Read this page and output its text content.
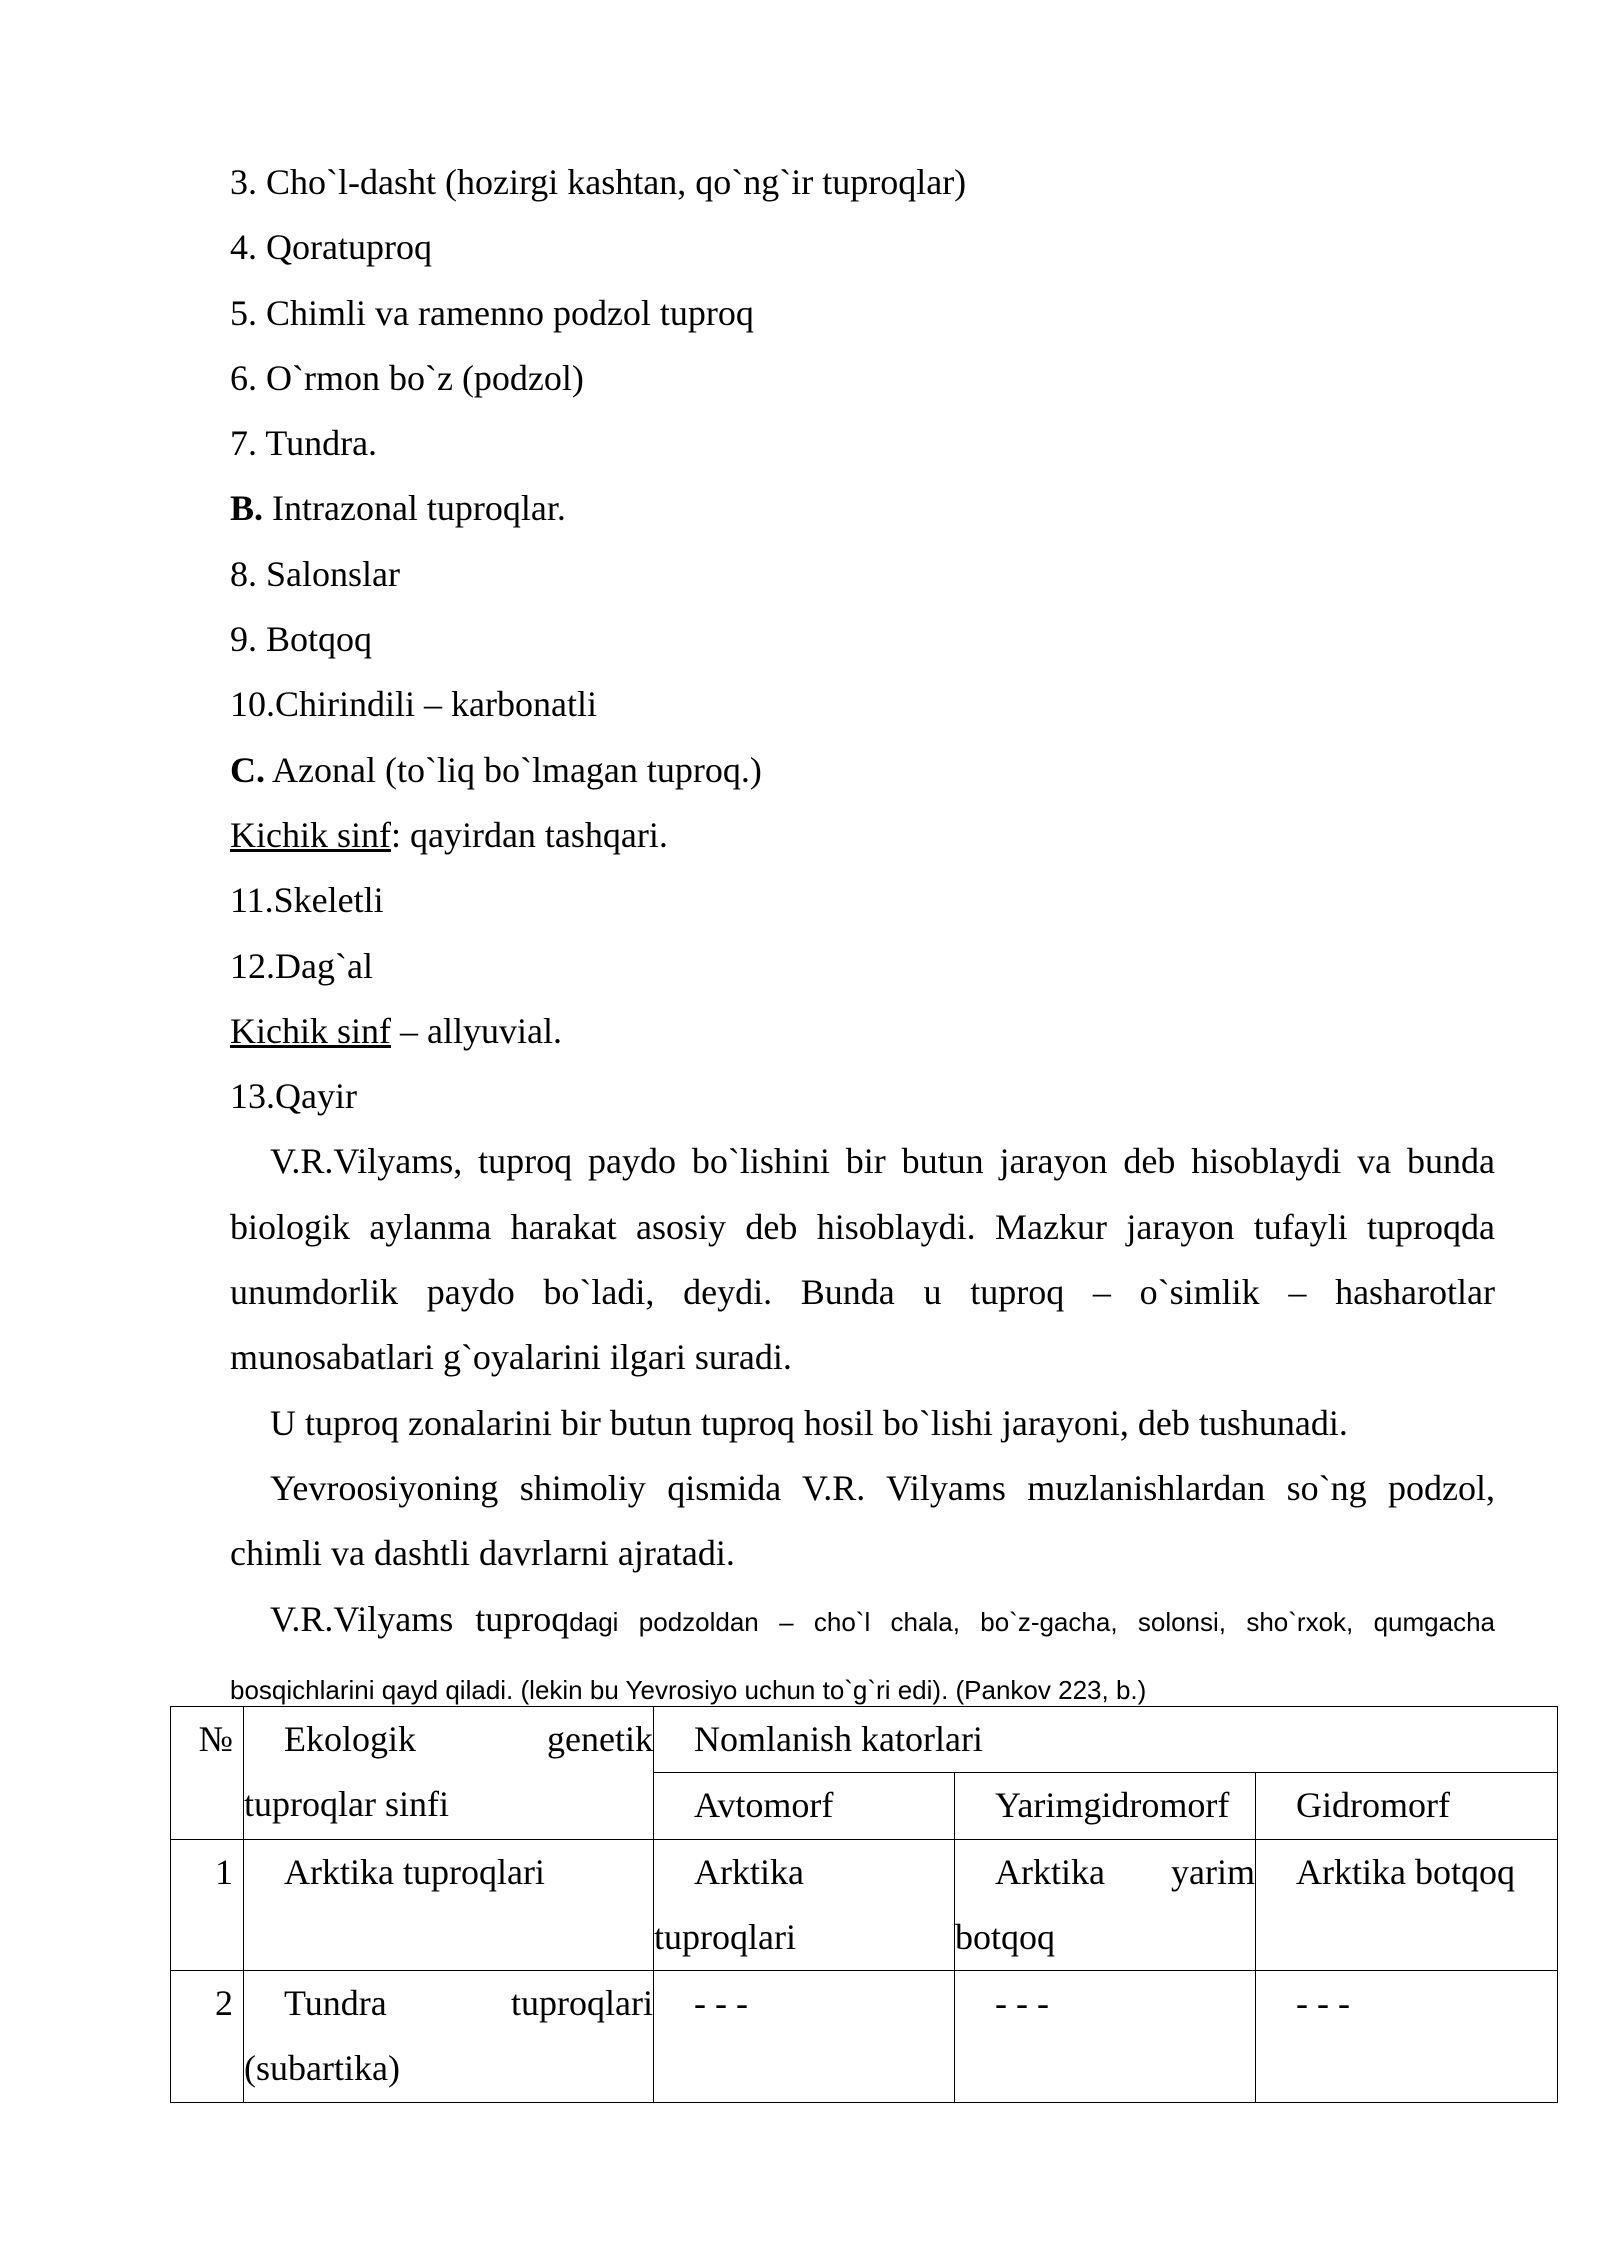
3. Cho`l-dasht (hozirgi kashtan, qo`ng`ir tuproqlar)
4. Qoratuproq
5. Chimli va ramenno podzol tuproq
6. O`rmon bo`z (podzol)
7. Tundra.
B. Intrazonal tuproqlar.
8. Salonslar
9. Botqoq
10.Chirindili – karbonatli
C. Azonal (to`liq bo`lmagan tuproq.)
Kichik sinf: qayirdan tashqari.
11.Skeletli
12.Dag`al
Kichik sinf – allyuvial.
13.Qayir

V.R.Vilyams, tuproq paydo bo`lishini bir butun jarayon deb hisoblaydi va bunda biologik aylanma harakat asosiy deb hisoblaydi. Mazkur jarayon tufayli tuproqda unumdorlik paydo bo`ladi, deydi. Bunda u tuproq – o`simlik – hasharotlar munosabatlari g`oyalarini ilgari suradi.

U tuproq zonalarini bir butun tuproq hosil bo`lishi jarayoni, deb tushunadi.

Yevroosiyoning shimoliy qismida V.R. Vilyams muzlanishlardan so`ng podzol, chimli va dashtli davrlarni ajratadi.

V.R.Vilyams tuproqdagi podzoldan – cho`l chala, bo`z-gacha, solonsi, sho`rxok, qumgacha bosqichlarini qayd qiladi. (lekin bu Yevrosiyo uchun to`g`ri edi). (Pankov 223, b.)

№	Ekologik genetik tuproqlar sinfi	Nomlanish katorlari		
		Avtomorf	Yarimgidromorf	Gidromorf
1	Arktika tuproqlari	Arktika tuproqlari	Arktika yarim botqoq	Arktika botqoq
2	Tundra tuproqlari (subartika)	- - -	- - -	- - -
